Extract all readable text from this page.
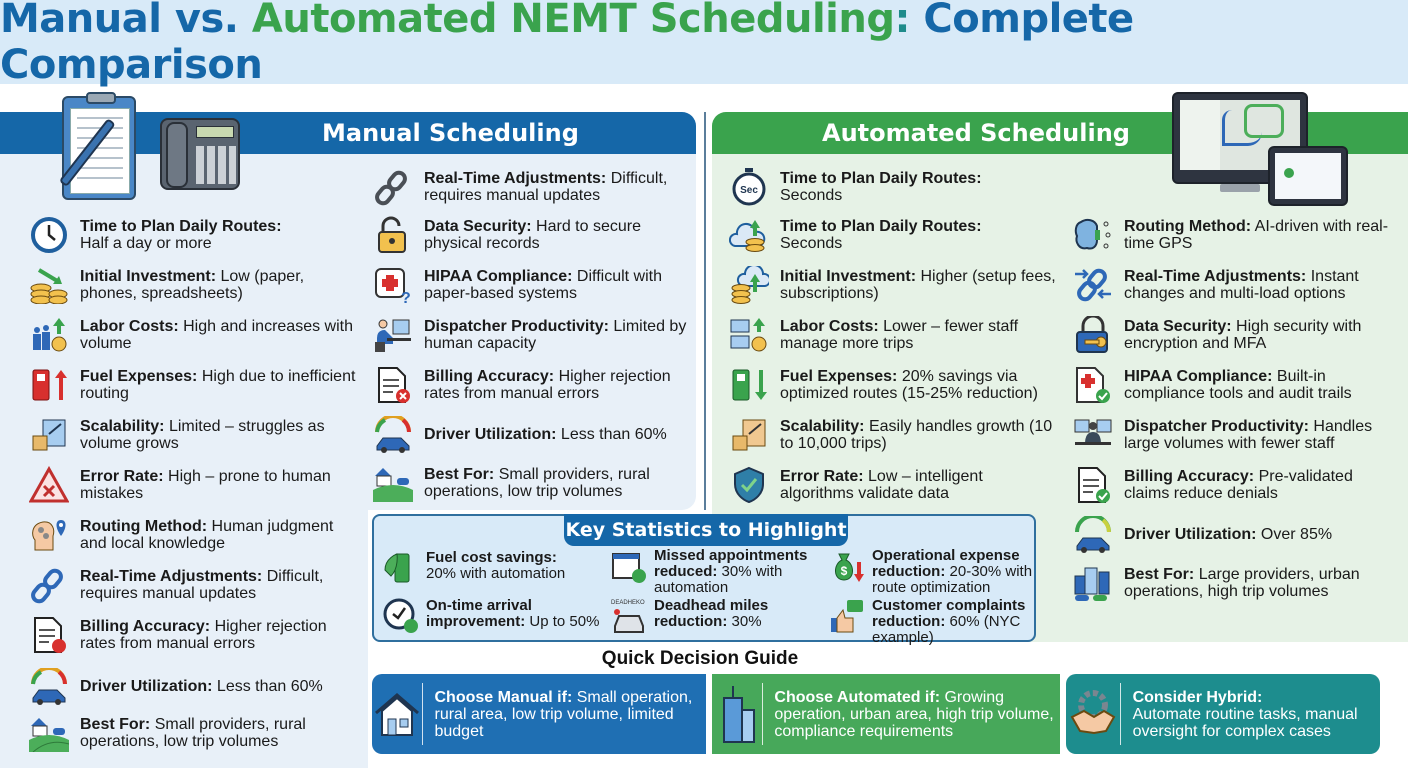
Manual vs. Automated NEMT Scheduling: Complete Comparison
Manual Scheduling	Automated Scheduling
Time to Plan Daily Routes:
Half a day or more
Initial Investment: Low (paper, phones, spreadsheets)
Labor Costs: High and increases with volume
Fuel Expenses: High due to inefficient routing
Scalability: Limited – struggles as volume grows
Error Rate: High – prone to human mistakes
Routing Method: Human judgment and local knowledge
Real-Time Adjustments: Difficult, requires manual updates
Billing Accuracy: Higher rejection rates from manual errors
Driver Utilization: Less than 60%
Best For: Small providers, rural operations, low trip volumes
Real-Time Adjustments: Difficult, requires manual updates
Data Security: Hard to secure physical records
?
HIPAA Compliance: Difficult with paper-based systems
Dispatcher Productivity: Limited by human capacity
Billing Accuracy: Higher rejection rates from manual errors
Driver Utilization: Less than 60%
Best For: Small providers, rural operations, low trip volumes
Sec
Time to Plan Daily Routes:
Seconds
Time to Plan Daily Routes:
Seconds
Initial Investment: Higher (setup fees, subscriptions)
Labor Costs: Lower – fewer staff manage more trips
Fuel Expenses: 20% savings via optimized routes (15-25% reduction)
Scalability: Easily handles growth (10 to 10,000 trips)
Error Rate: Low – intelligent algorithms validate data
Routing Method: AI-driven with real-time GPS
Real-Time Adjustments: Instant changes and multi-load options
Data Security: High security with encryption and MFA
HIPAA Compliance: Built-in compliance tools and audit trails
Dispatcher Productivity: Handles large volumes with fewer staff
Billing Accuracy: Pre-validated claims reduce denials
Driver Utilization: Over 85%
Best For: Large providers, urban operations, high trip volumes
Key Statistics to Highlight
Fuel cost savings:
20% with automation
On-time arrival improvement: Up to 50%
Missed appointments reduced: 30% with automation
DEADHEKO Deadhead miles reduction: 30%
$
Operational expense reduction: 20-30% with route optimization
Customer complaints reduction: 60% (NYC example)
Quick Decision Guide
Choose Manual if: Small operation, rural area, low trip volume, limited budget
Choose Automated if: Growing operation, urban area, high trip volume, compliance requirements
Consider Hybrid:
Automate routine tasks, manual oversight for complex cases
